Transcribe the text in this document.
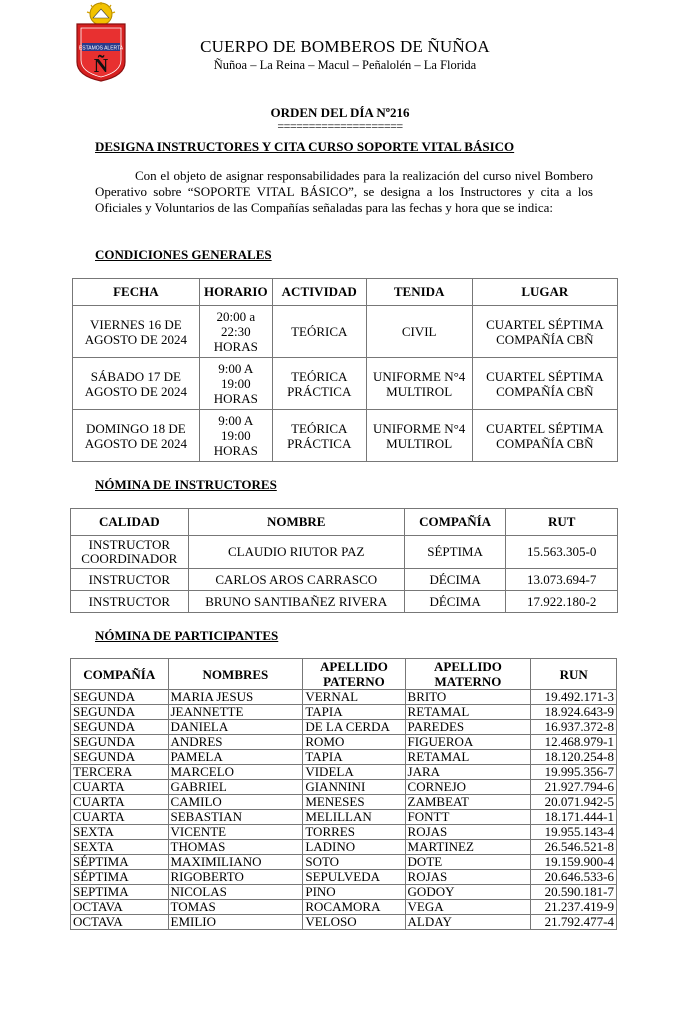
ESTAMOS ALERTA
Ñ
CUERPO DE BOMBEROS DE ÑUÑOA
Ñuñoa – La Reina – Macul – Peñalolén – La Florida
ORDEN DEL DÍA Nº216
====================
DESIGNA INSTRUCTORES Y CITA CURSO SOPORTE VITAL BÁSICO
Con el objeto de asignar responsabilidades para la realización del curso nivel Bombero Operativo sobre “SOPORTE VITAL BÁSICO”, se designa a los Instructores y cita a los Oficiales y Voluntarios de las Compañías señaladas para las fechas y hora que se indica:
CONDICIONES GENERALES
FECHA	HORARIO	ACTIVIDAD	TENIDA	LUGAR
VIERNES 16 DE AGOSTO DE 2024	20:00 a 22:30 HORAS	TEÓRICA	CIVIL	CUARTEL SÉPTIMA COMPAÑÍA CBÑ
SÁBADO 17 DE AGOSTO DE 2024	9:00 A 19:00 HORAS	TEÓRICA PRÁCTICA	UNIFORME N°4 MULTIROL	CUARTEL SÉPTIMA COMPAÑÍA CBÑ
DOMINGO 18 DE AGOSTO DE 2024	9:00 A 19:00 HORAS	TEÓRICA PRÁCTICA	UNIFORME N°4 MULTIROL	CUARTEL SÉPTIMA COMPAÑÍA CBÑ
NÓMINA DE INSTRUCTORES
CALIDAD	NOMBRE	COMPAÑÍA	RUT
INSTRUCTOR COORDINADOR	CLAUDIO RIUTOR PAZ	SÉPTIMA	15.563.305-0
INSTRUCTOR	CARLOS AROS CARRASCO	DÉCIMA	13.073.694-7
INSTRUCTOR	BRUNO SANTIBAÑEZ RIVERA	DÉCIMA	17.922.180-2
NÓMINA DE PARTICIPANTES
COMPAÑÍA	NOMBRES	APELLIDO PATERNO	APELLIDO MATERNO	RUN
SEGUNDA	MARIA JESUS	VERNAL	BRITO	19.492.171-3
SEGUNDA	JEANNETTE	TAPIA	RETAMAL	18.924.643-9
SEGUNDA	DANIELA	DE LA CERDA	PAREDES	16.937.372-8
SEGUNDA	ANDRES	ROMO	FIGUEROA	12.468.979-1
SEGUNDA	PAMELA	TAPIA	RETAMAL	18.120.254-8
TERCERA	MARCELO	VIDELA	JARA	19.995.356-7
CUARTA	GABRIEL	GIANNINI	CORNEJO	21.927.794-6
CUARTA	CAMILO	MENESES	ZAMBEAT	20.071.942-5
CUARTA	SEBASTIAN	MELILLAN	FONTT	18.171.444-1
SEXTA	VICENTE	TORRES	ROJAS	19.955.143-4
SEXTA	THOMAS	LADINO	MARTINEZ	26.546.521-8
SÉPTIMA	MAXIMILIANO	SOTO	DOTE	19.159.900-4
SÉPTIMA	RIGOBERTO	SEPULVEDA	ROJAS	20.646.533-6
SEPTIMA	NICOLAS	PINO	GODOY	20.590.181-7
OCTAVA	TOMAS	ROCAMORA	VEGA	21.237.419-9
OCTAVA	EMILIO	VELOSO	ALDAY	21.792.477-4
